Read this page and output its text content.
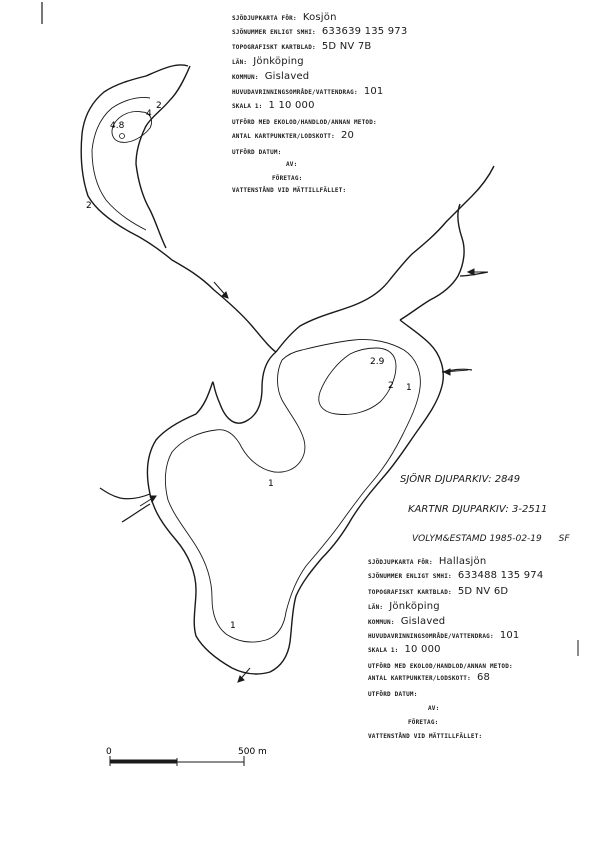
4.8
4
2
2
2.9
2 1
1
1
0	500 m
SJÖDJUPKARTA FÖR: Kosjön
SJÖNUMMER ENLIGT SMHI: 633639 135 973
TOPOGRAFISKT KARTBLAD: 5D NV 7B
LÄN: Jönköping
KOMMUN: Gislaved
HUVUDAVRINNINGSOMRÅDE/VATTENDRAG: 101
SKALA 1: 1 10 000
UTFÖRD MED EKOLOD/HANDLOD/ANNAN METOD:
ANTAL KARTPUNKTER/LODSKOTT: 20
UTFÖRD DATUM:
AV:
FÖRETAG:
VATTENSTÅND VID MÄTTILLFÄLLET:
SJÖNR DJUPARKIV: 2849
KARTNR DJUPARKIV: 3-2511
VOLYM&ESTAMD 1985-02-19 SF
SJÖDJUPKARTA FÖR: Hallasjön
SJÖNUMMER ENLIGT SMHI: 633488 135 974
TOPOGRAFISKT KARTBLAD: 5D NV 6D
LÄN: Jönköping
KOMMUN: Gislaved
HUVUDAVRINNINGSOMRÅDE/VATTENDRAG: 101
SKALA 1: 10 000
UTFÖRD MED EKOLOD/HANDLOD/ANNAN METOD:
ANTAL KARTPUNKTER/LODSKOTT: 68
UTFÖRD DATUM:
AV:
FÖRETAG:
VATTENSTÅND VID MÄTTILLFÄLLET:
